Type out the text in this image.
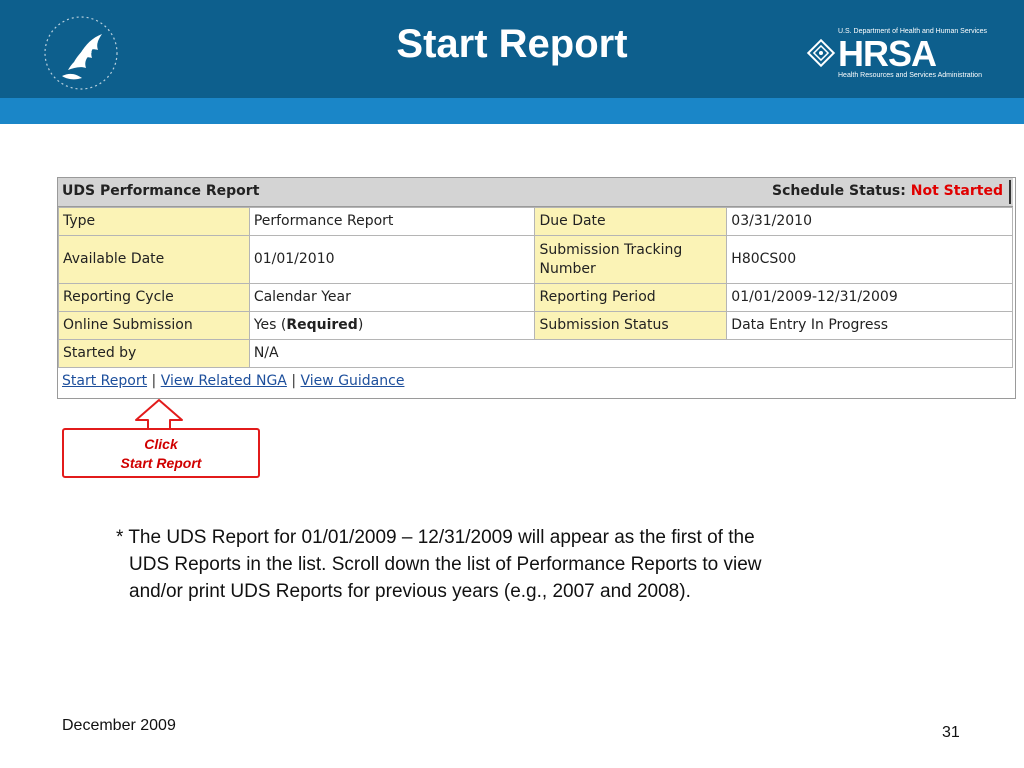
Start Report	U.S. Department of Health and Human Services
HRSA
Health Resources and Services Administration
UDS Performance Report	Schedule Status: Not Started
Type	Performance Report	Due Date	03/31/2010
Available Date	01/01/2010	Submission Tracking Number	H80CS00
Reporting Cycle	Calendar Year	Reporting Period	01/01/2009-12/31/2009
Online Submission	Yes (Required)	Submission Status	Data Entry In Progress
Started by	N/A		
Start Report | View Related NGA | View Guidance
Click
Start Report
* The UDS Report for 01/01/2009 – 12/31/2009 will appear as the first of the
UDS Reports in the list. Scroll down the list of Performance Reports to view
and/or print UDS Reports for previous years (e.g., 2007 and 2008).
December 2009	31
